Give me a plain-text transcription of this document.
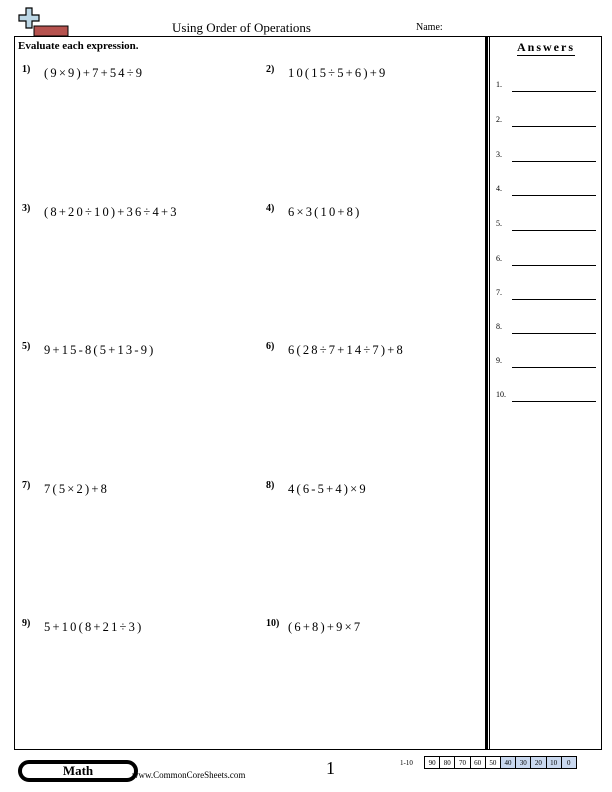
Using Order of Operations	Name:
Evaluate each expression.
1) (9×9)+7+54÷9	2) 10(15÷5+6)+9
3) (8+20÷10)+36÷4+3	4) 6×3(10+8)
5) 9+15-8(5+13-9)	6) 6(28÷7+14÷7)+8
7) 7(5×2)+8	8) 4(6-5+4)×9
9) 5+10(8+21÷3)	10) (6+8)+9×7
Answers
1.
2.
3.
4.
5.
6.
7.
8.
9.
10.
Math	www.CommonCoreSheets.com	1	1-10 90	80	70	60	50	40	30	20	10	0
